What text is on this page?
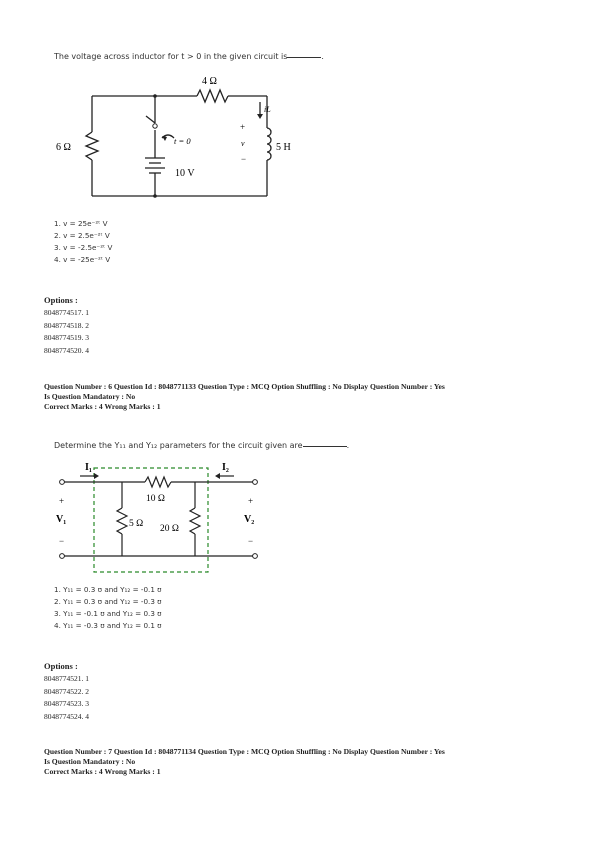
The voltage across inductor for t > 0 in the given circuit is	.
4 Ω
6 Ω
t = 0
10 V
5 H
iL
+
v
−
1. v = 25e⁻²ᵗ V
2. v = 2.5e⁻²ᵗ V
3. v = -2.5e⁻²ᵗ V
4. v = -25e⁻²ᵗ V
Options :
8048774517. 1
8048774518. 2
8048774519. 3
8048774520. 4
Question Number : 6 Question Id : 8048771133 Question Type : MCQ Option Shuffling : No Display Question Number : Yes
Is Question Mandatory : No
Correct Marks : 4 Wrong Marks : 1
Determine the Y₁₁ and Y₁₂ parameters for the circuit given are	.
I₁	I₂
10 Ω
5 Ω 20 Ω
+
V₁
−
+
V₂
−
1. Y₁₁ = 0.3 ʊ and Y₁₂ = -0.1 ʊ
2. Y₁₁ = 0.3 ʊ and Y₁₂ = -0.3 ʊ
3. Y₁₁ = -0.1 ʊ and Y₁₂ = 0.3 ʊ
4. Y₁₁ = -0.3 ʊ and Y₁₂ = 0.1 ʊ
Options :
8048774521. 1
8048774522. 2
8048774523. 3
8048774524. 4
Question Number : 7 Question Id : 8048771134 Question Type : MCQ Option Shuffling : No Display Question Number : Yes
Is Question Mandatory : No
Correct Marks : 4 Wrong Marks : 1
